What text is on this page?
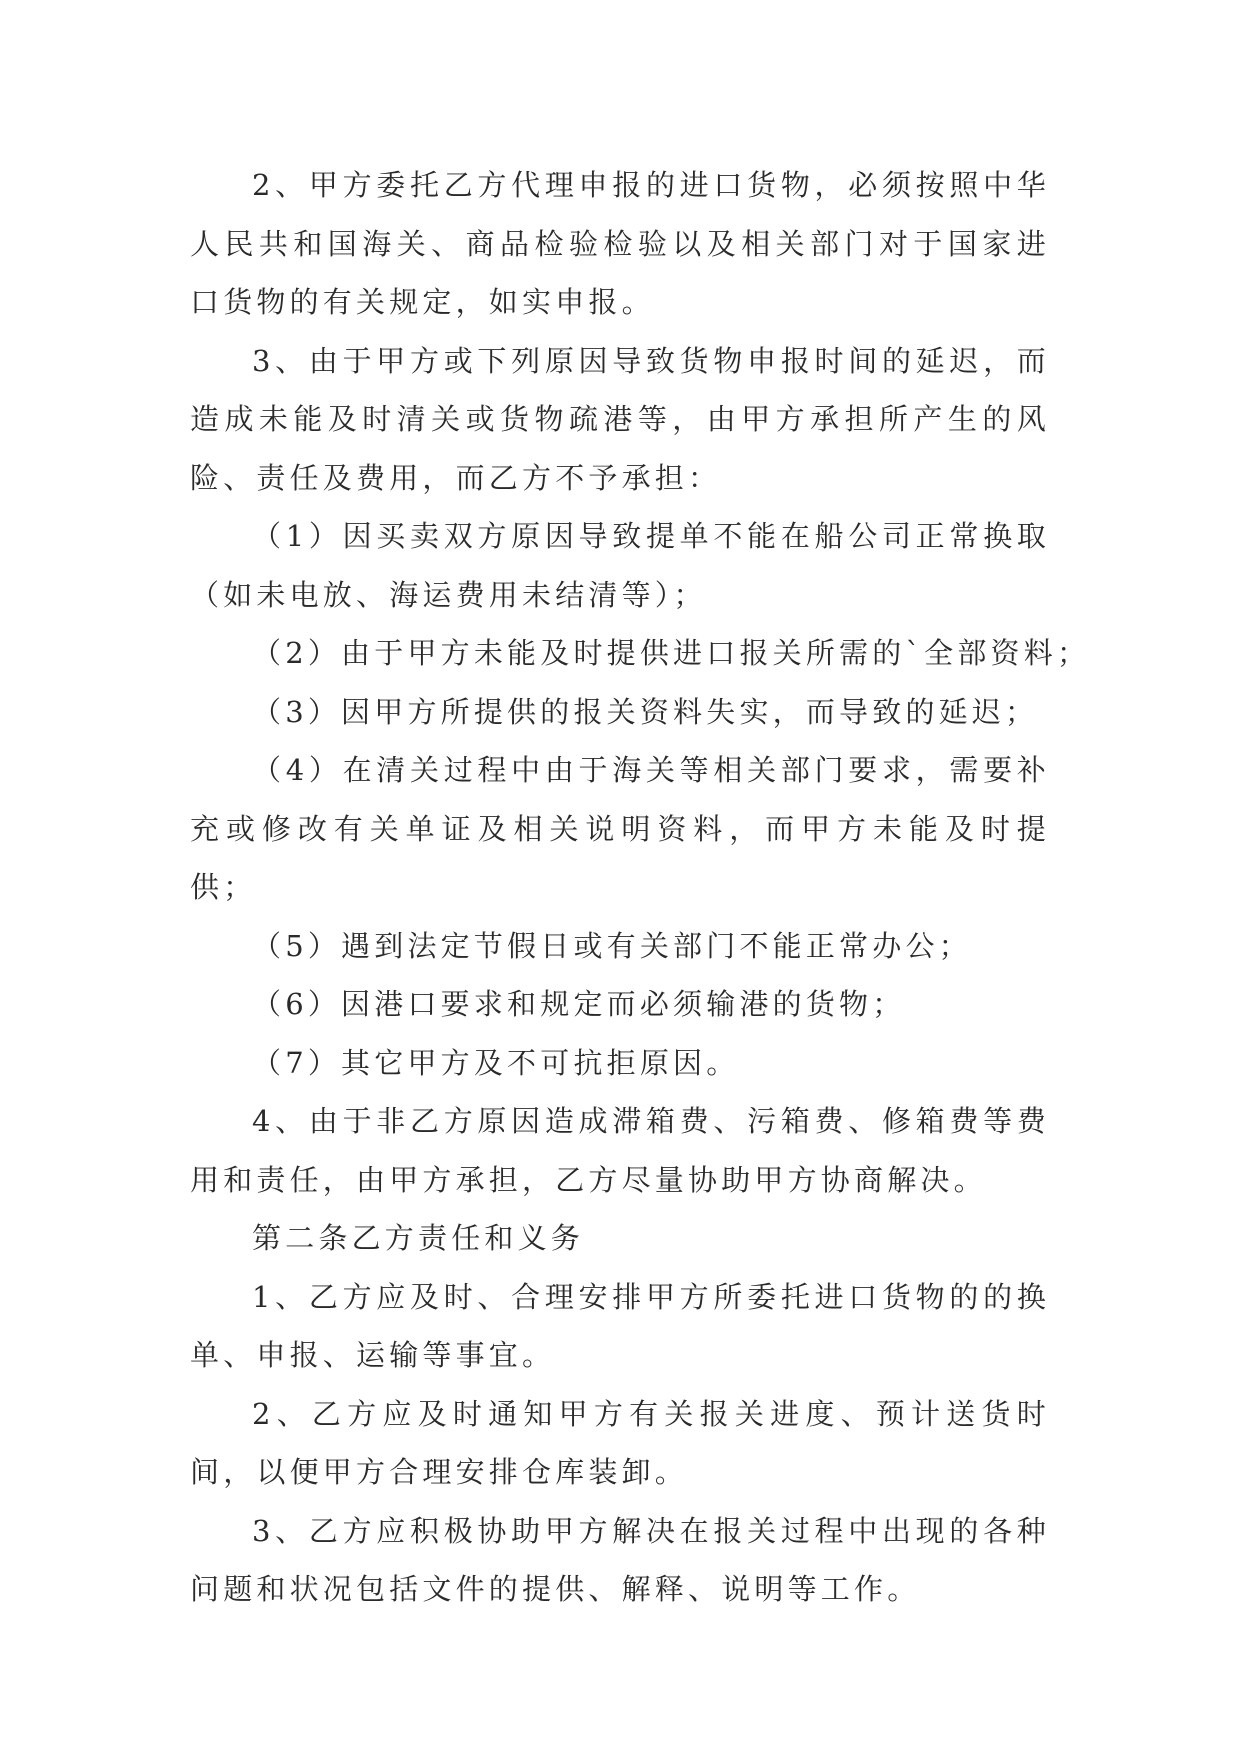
2、甲方委托乙方代理申报的进口货物，必须按照中华人民共和国海关、商品检验检验以及相关部门对于国家进口货物的有关规定，如实申报。

3、由于甲方或下列原因导致货物申报时间的延迟，而造成未能及时清关或货物疏港等，由甲方承担所产生的风险、责任及费用，而乙方不予承担：

（1）因买卖双方原因导致提单不能在船公司正常换取（如未电放、海运费用未结清等）；

（2）由于甲方未能及时提供进口报关所需的`全部资料；

（3）因甲方所提供的报关资料失实，而导致的延迟；

（4）在清关过程中由于海关等相关部门要求，需要补充或修改有关单证及相关说明资料，而甲方未能及时提供；

（5）遇到法定节假日或有关部门不能正常办公；

（6）因港口要求和规定而必须输港的货物；

（7）其它甲方及不可抗拒原因。

4、由于非乙方原因造成滞箱费、污箱费、修箱费等费用和责任，由甲方承担，乙方尽量协助甲方协商解决。

第二条乙方责任和义务

1、乙方应及时、合理安排甲方所委托进口货物的的换单、申报、运输等事宜。

2、乙方应及时通知甲方有关报关进度、预计送货时间，以便甲方合理安排仓库装卸。

3、乙方应积极协助甲方解决在报关过程中出现的各种问题和状况包括文件的提供、解释、说明等工作。
